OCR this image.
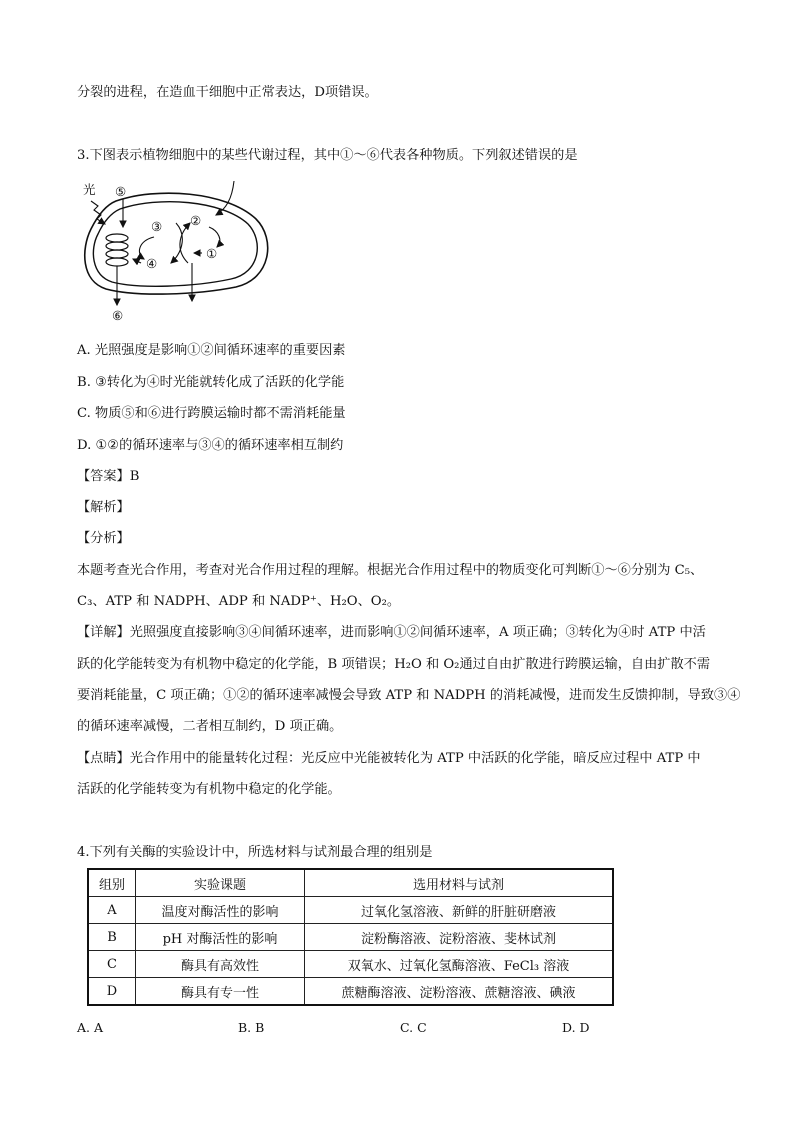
分裂的进程，在造血干细胞中正常表达，D项错误。
3.下图表示植物细胞中的某些代谢过程，其中①～⑥代表各种物质。下列叙述错误的是
光 ⑤
⑥
③
④
②
①
A. 光照强度是影响①②间循环速率的重要因素
B. ③转化为④时光能就转化成了活跃的化学能
C. 物质⑤和⑥进行跨膜运输时都不需消耗能量
D. ①②的循环速率与③④的循环速率相互制约
【答案】B
【解析】
【分析】
本题考查光合作用，考查对光合作用过程的理解。根据光合作用过程中的物质变化可判断①～⑥分别为 C₅、
C₃、ATP 和 NADPH、ADP 和 NADP⁺、H₂O、O₂。
【详解】光照强度直接影响③④间循环速率，进而影响①②间循环速率，A 项正确；③转化为④时 ATP 中活
跃的化学能转变为有机物中稳定的化学能，B 项错误；H₂O 和 O₂通过自由扩散进行跨膜运输，自由扩散不需
要消耗能量，C 项正确；①②的循环速率减慢会导致 ATP 和 NADPH 的消耗减慢，进而发生反馈抑制，导致③④
的循环速率减慢，二者相互制约，D 项正确。
【点睛】光合作用中的能量转化过程：光反应中光能被转化为 ATP 中活跃的化学能，暗反应过程中 ATP 中
活跃的化学能转变为有机物中稳定的化学能。
4.下列有关酶的实验设计中，所选材料与试剂最合理的组别是
组别	实验课题	选用材料与试剂
A	温度对酶活性的影响	过氧化氢溶液、新鲜的肝脏研磨液
B	pH 对酶活性的影响	淀粉酶溶液、淀粉溶液、斐林试剂
C	酶具有高效性	双氧水、过氧化氢酶溶液、FeCl₃ 溶液
D	酶具有专一性	蔗糖酶溶液、淀粉溶液、蔗糖溶液、碘液
A. A	B. B	C. C	D. D
